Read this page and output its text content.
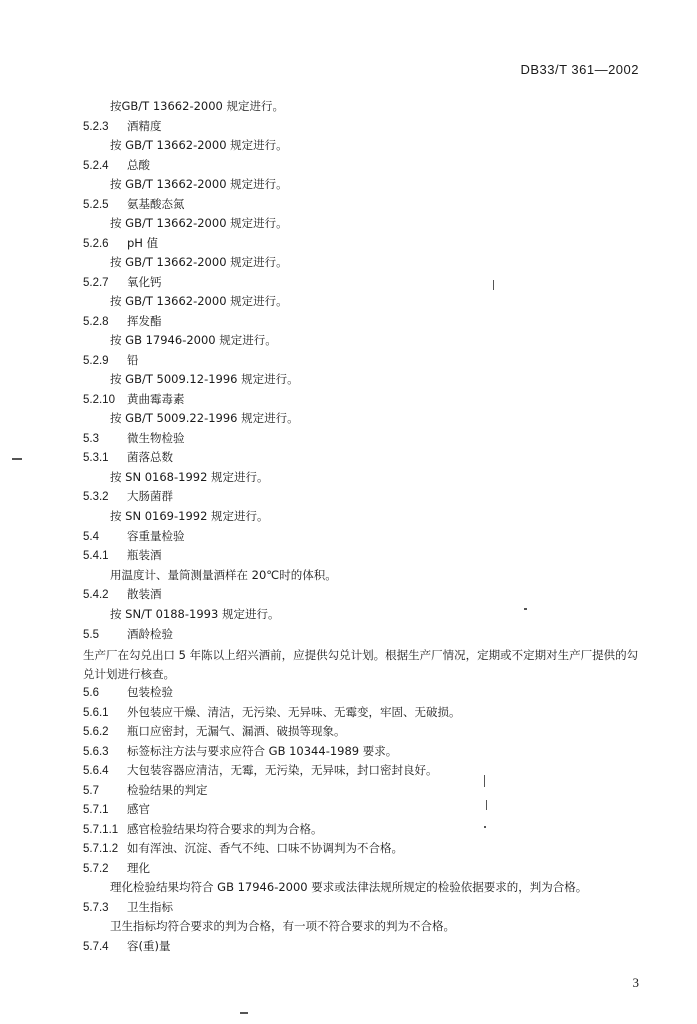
DB33/T 361—2002
按GB/T 13662-2000 规定进行。
5.2.3 酒精度
按 GB/T 13662-2000 规定进行。
5.2.4 总酸
按 GB/T 13662-2000 规定进行。
5.2.5 氨基酸态氮
按 GB/T 13662-2000 规定进行。
5.2.6 pH 值
按 GB/T 13662-2000 规定进行。
5.2.7 氧化钙
按 GB/T 13662-2000 规定进行。
5.2.8 挥发酯
按 GB 17946-2000 规定进行。
5.2.9 铅
按 GB/T 5009.12-1996 规定进行。
5.2.10 黄曲霉毒素
按 GB/T 5009.22-1996 规定进行。
5.3 微生物检验
5.3.1 菌落总数
按 SN 0168-1992 规定进行。
5.3.2 大肠菌群
按 SN 0169-1992 规定进行。
5.4 容重量检验
5.4.1 瓶装酒
用温度计、量筒测量酒样在 20℃时的体积。
5.4.2 散装酒
按 SN/T 0188-1993 规定进行。
5.5 酒龄检验
生产厂在勾兑出口 5 年陈以上绍兴酒前，应提供勾兑计划。根据生产厂情况，定期或不定期对生产厂提供的勾兑计划进行核查。
5.6 包装检验
5.6.1 外包装应干燥、清洁，无污染、无异味、无霉变，牢固、无破损。
5.6.2 瓶口应密封，无漏气、漏酒、破损等现象。
5.6.3 标签标注方法与要求应符合 GB 10344-1989 要求。
5.6.4 大包装容器应清洁，无霉，无污染，无异味，封口密封良好。
5.7 检验结果的判定
5.7.1 感官
5.7.1.1 感官检验结果均符合要求的判为合格。
5.7.1.2 如有浑浊、沉淀、香气不纯、口味不协调判为不合格。
5.7.2 理化
理化检验结果均符合 GB 17946-2000 要求或法律法规所规定的检验依据要求的，判为合格。
5.7.3 卫生指标
卫生指标均符合要求的判为合格，有一项不符合要求的判为不合格。
5.7.4 容(重)量
3
